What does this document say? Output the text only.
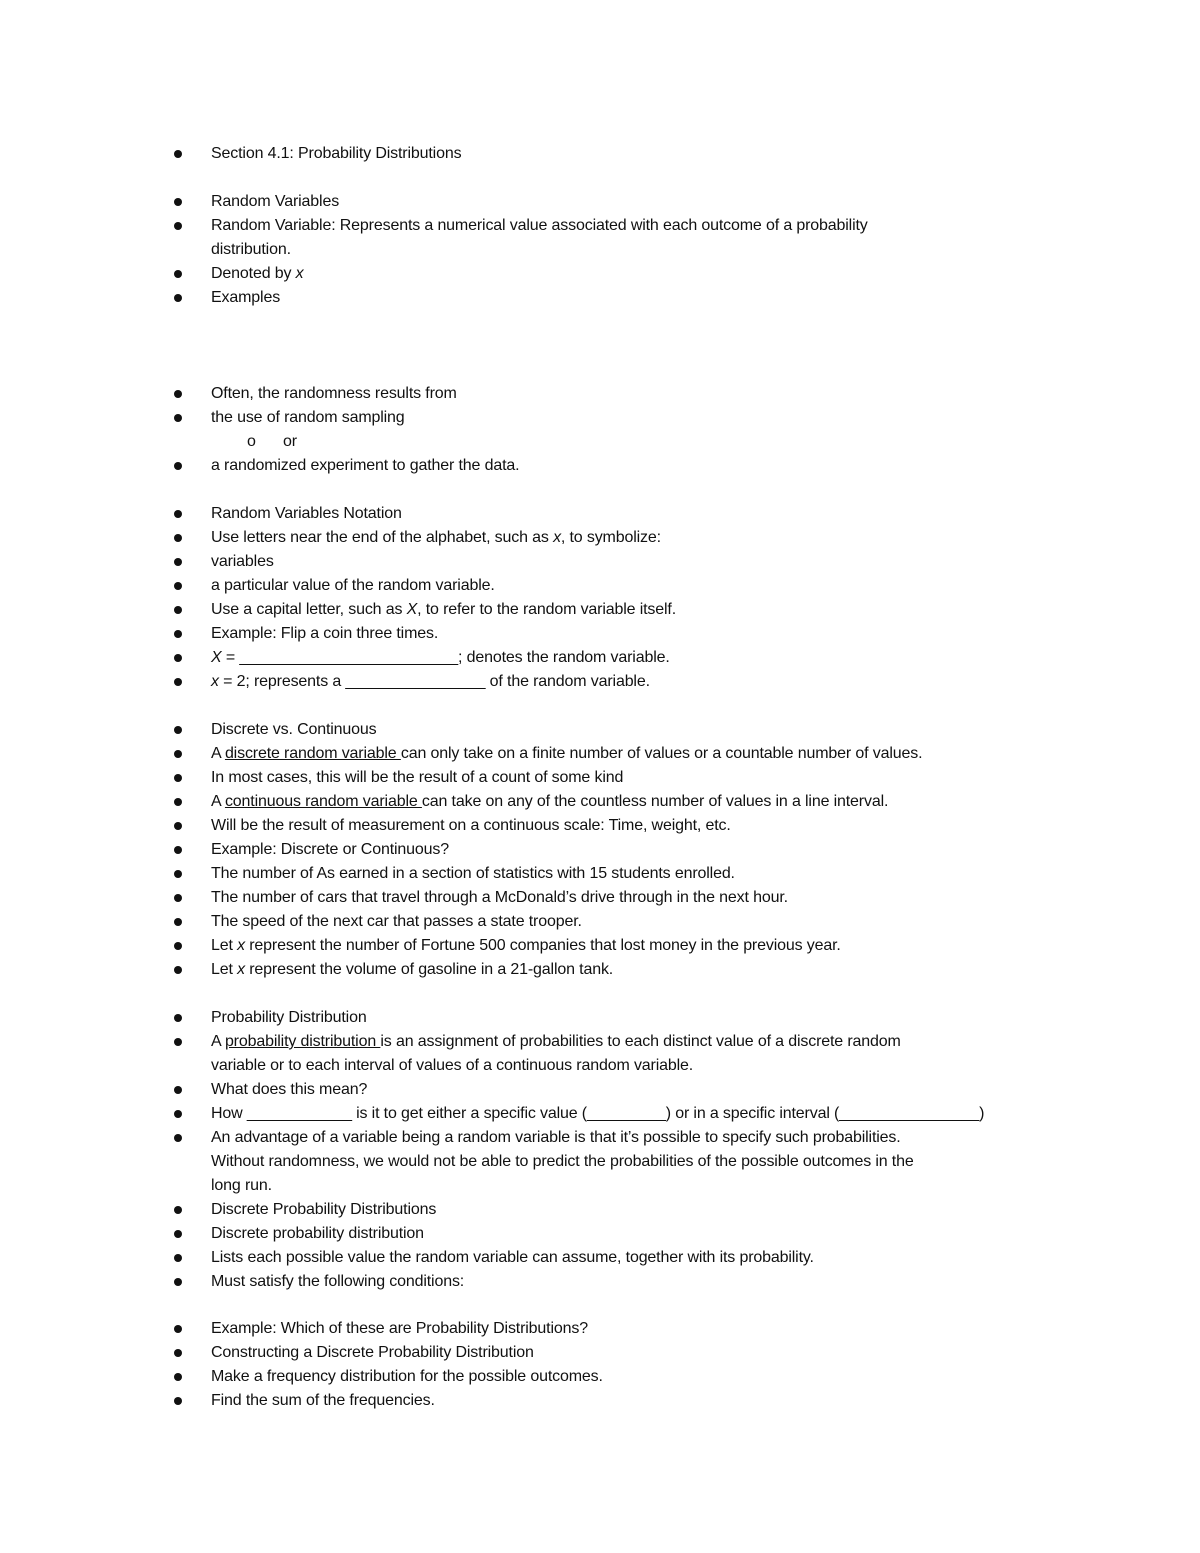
Section 4.1: Probability Distributions
Random Variables
Random Variable: Represents a numerical value associated with each outcome of a probability
distribution.
Denoted by x
Examples
Often, the randomness results from
the use of random sampling
o or
a randomized experiment to gather the data.
Random Variables Notation
Use letters near the end of the alphabet, such as x, to symbolize:
variables
a particular value of the random variable.
Use a capital letter, such as X, to refer to the random variable itself.
Example: Flip a coin three times.
X = _________________________; denotes the random variable.
x = 2; represents a ________________ of the random variable.
Discrete vs. Continuous
A discrete random variable can only take on a finite number of values or a countable number of values.
In most cases, this will be the result of a count of some kind
A continuous random variable can take on any of the countless number of values in a line interval.
Will be the result of measurement on a continuous scale: Time, weight, etc.
Example: Discrete or Continuous?
The number of As earned in a section of statistics with 15 students enrolled.
The number of cars that travel through a McDonald’s drive through in the next hour.
The speed of the next car that passes a state trooper.
Let x represent the number of Fortune 500 companies that lost money in the previous year.
Let x represent the volume of gasoline in a 21-gallon tank.
Probability Distribution
A probability distribution is an assignment of probabilities to each distinct value of a discrete random
variable or to each interval of values of a continuous random variable.
What does this mean?
How ____________ is it to get either a specific value (_________) or in a specific interval (________________)
An advantage of a variable being a random variable is that it’s possible to specify such probabilities.
Without randomness, we would not be able to predict the probabilities of the possible outcomes in the
long run.
Discrete Probability Distributions
Discrete probability distribution
Lists each possible value the random variable can assume, together with its probability.
Must satisfy the following conditions:
Example: Which of these are Probability Distributions?
Constructing a Discrete Probability Distribution
Make a frequency distribution for the possible outcomes.
Find the sum of the frequencies.
